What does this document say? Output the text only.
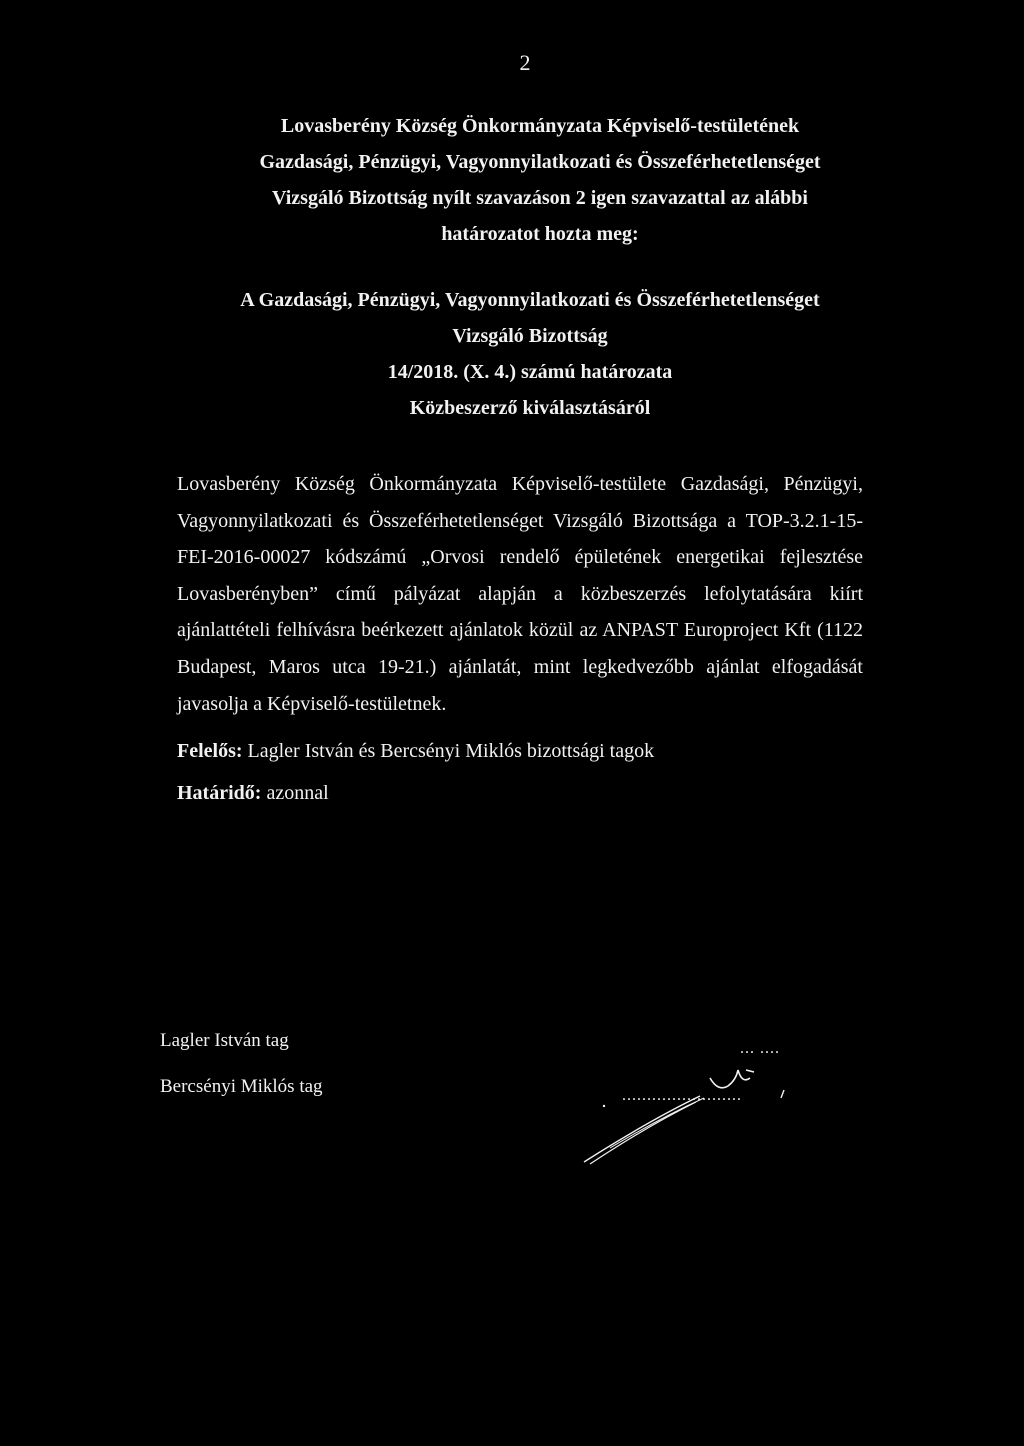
2
Lovasberény Község Önkormányzata Képviselő-testületének
Gazdasági, Pénzügyi, Vagyonnyilatkozati és Összeférhetetlenséget
Vizsgáló Bizottság nyílt szavazáson 2 igen szavazattal az alábbi
határozatot hozta meg:
A Gazdasági, Pénzügyi, Vagyonnyilatkozati és Összeférhetetlenséget
Vizsgáló Bizottság
14/2018. (X. 4.) számú határozata
Közbeszerző kiválasztásáról
Lovasberény Község Önkormányzata Képviselő-testülete Gazdasági, Pénzügyi, Vagyonnyilatkozati és Összeférhetetlenséget Vizsgáló Bizottsága a TOP-3.2.1-15-FEI-2016-00027 kódszámú „Orvosi rendelő épületének energetikai fejlesztése Lovasberényben” című pályázat alapján a közbeszerzés lefolytatására kiírt ajánlattételi felhívásra beérkezett ajánlatok közül az ANPAST Europroject Kft (1122 Budapest, Maros utca 19-21.) ajánlatát, mint legkedvezőbb ajánlat elfogadását javasolja a Képviselő-testületnek.
Felelős: Lagler István és Bercsényi Miklós bizottsági tagok
Határidő: azonnal
Lagler István tag	... ....
Bercsényi Miklós tag	........................
